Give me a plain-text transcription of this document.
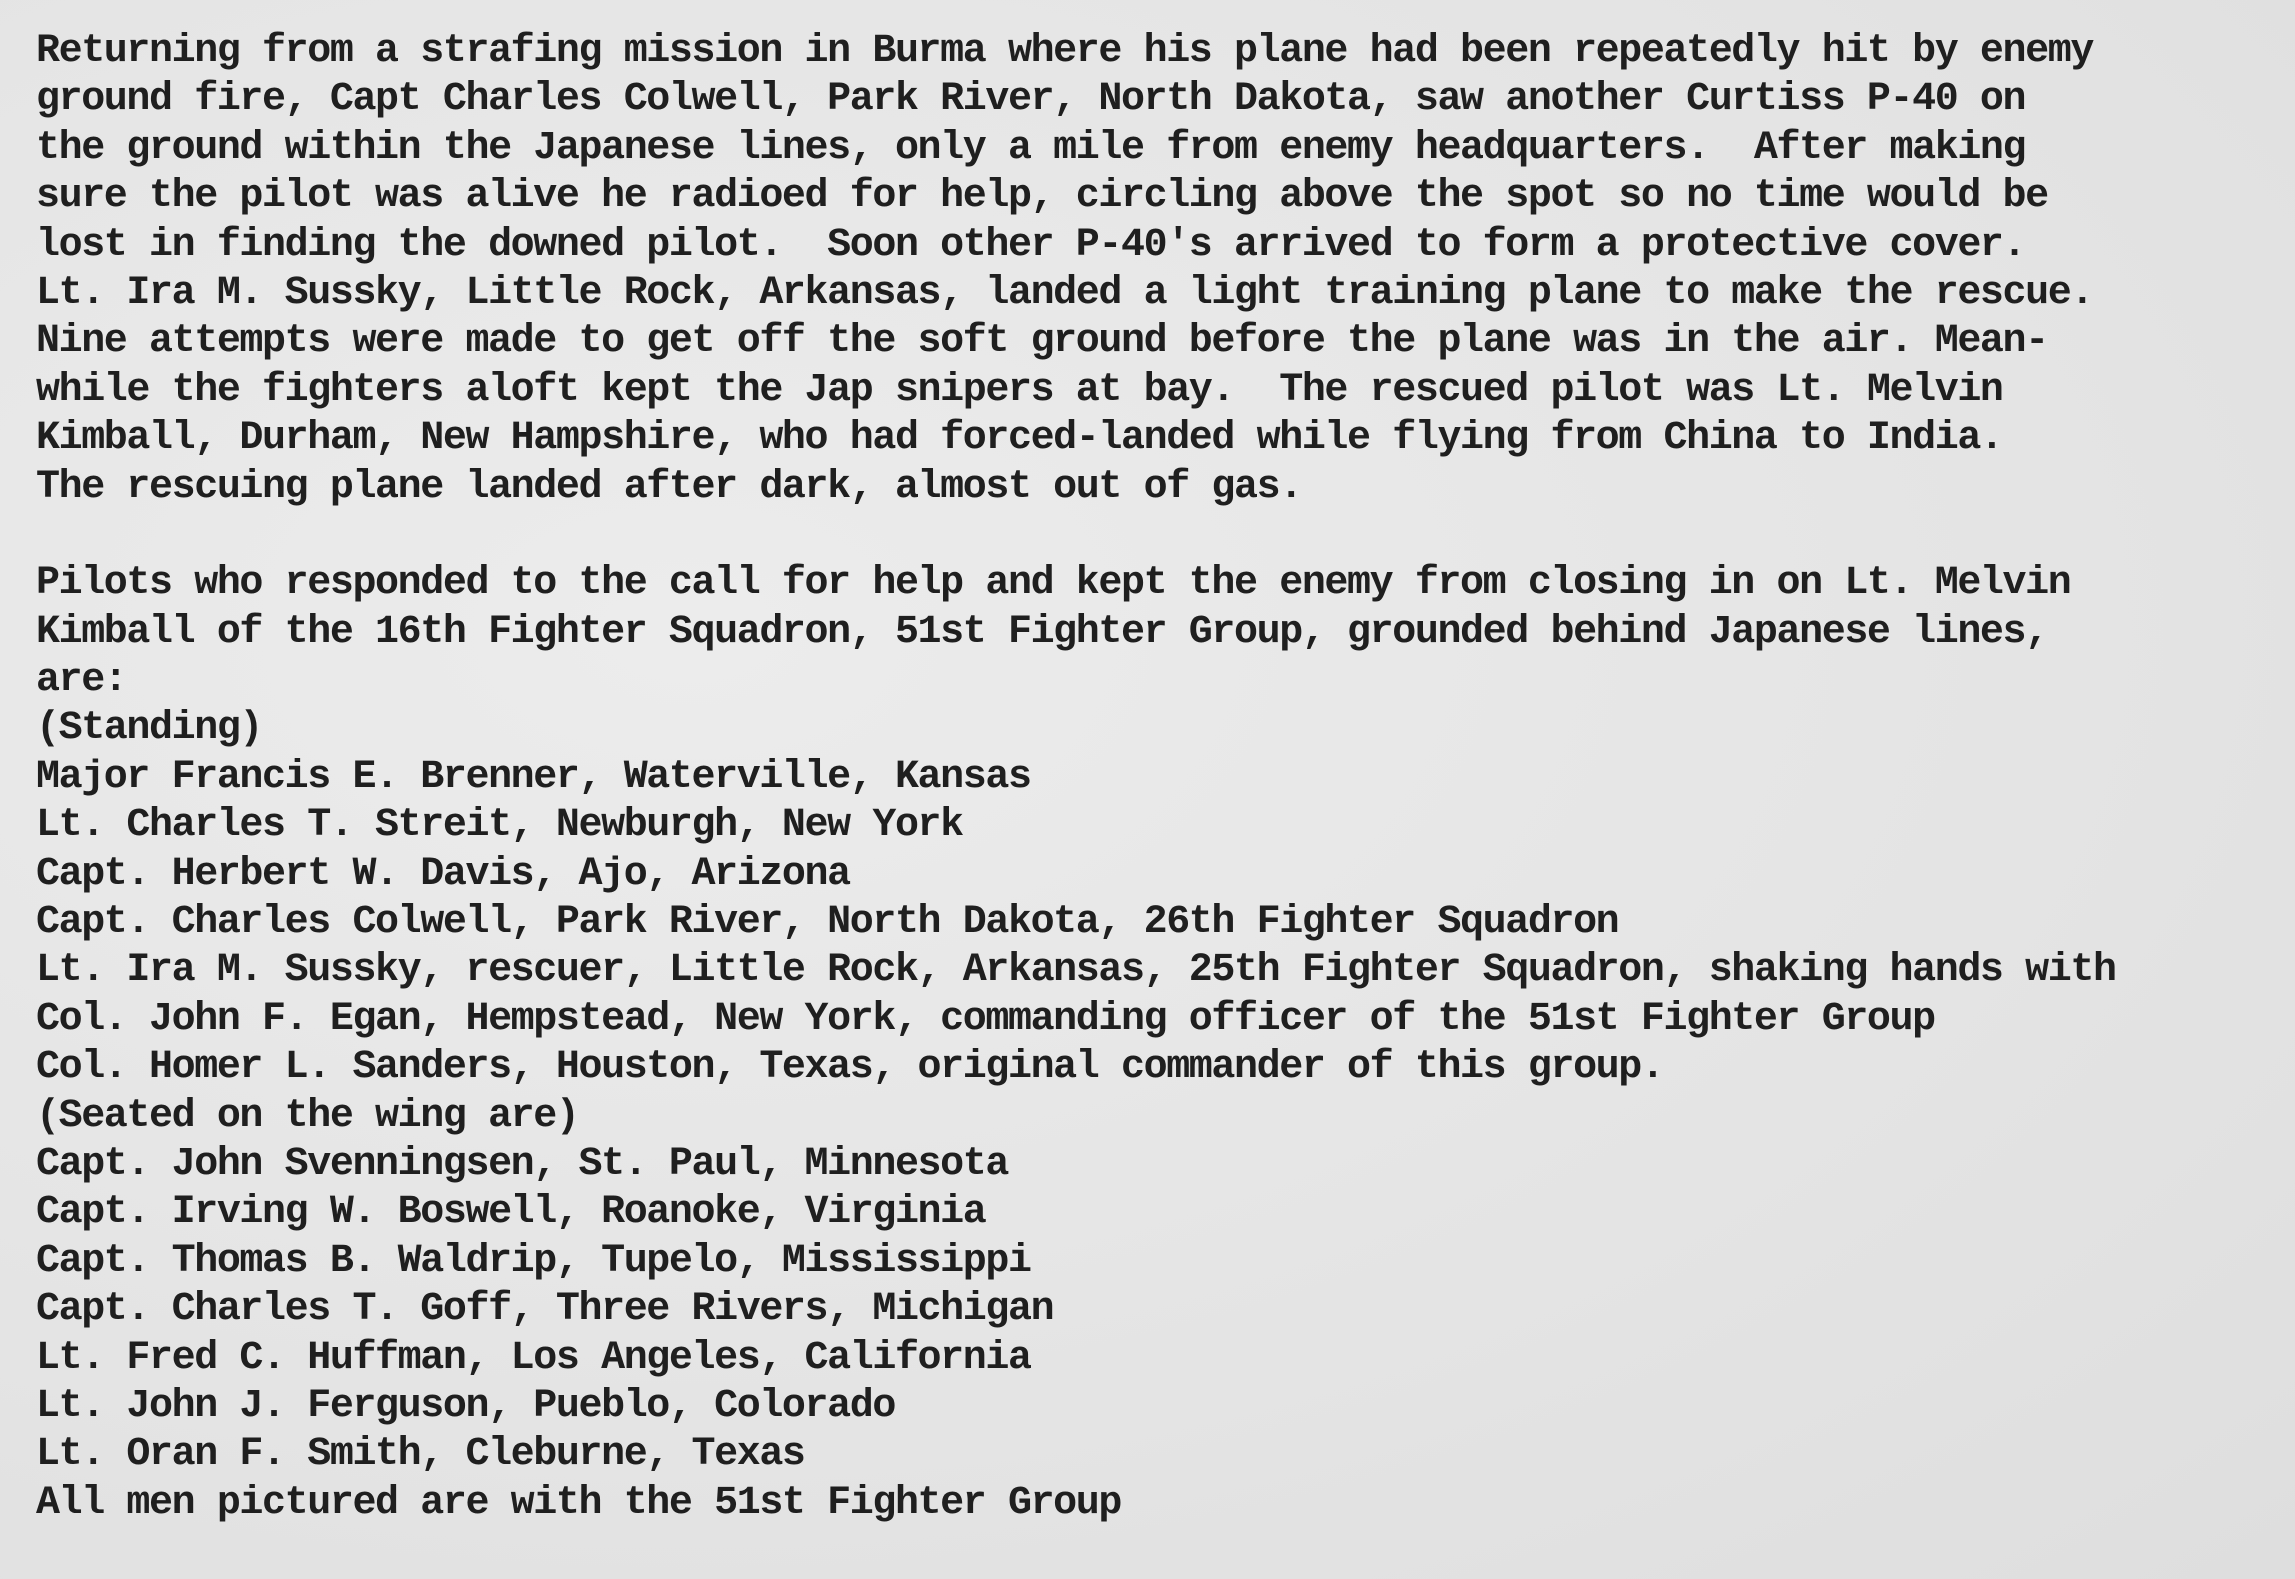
Returning from a strafing mission in Burma where his plane had been repeatedly hit by enemy
ground fire, Capt Charles Colwell, Park River, North Dakota, saw another Curtiss P-40 on
the ground within the Japanese lines, only a mile from enemy headquarters.  After making
sure the pilot was alive he radioed for help, circling above the spot so no time would be
lost in finding the downed pilot.  Soon other P-40's arrived to form a protective cover.
Lt. Ira M. Sussky, Little Rock, Arkansas, landed a light training plane to make the rescue.
Nine attempts were made to get off the soft ground before the plane was in the air. Mean-
while the fighters aloft kept the Jap snipers at bay.  The rescued pilot was Lt. Melvin
Kimball, Durham, New Hampshire, who had forced-landed while flying from China to India.
The rescuing plane landed after dark, almost out of gas.
Pilots who responded to the call for help and kept the enemy from closing in on Lt. Melvin
Kimball of the 16th Fighter Squadron, 51st Fighter Group, grounded behind Japanese lines,
are:
(Standing)
Major Francis E. Brenner, Waterville, Kansas
Lt. Charles T. Streit, Newburgh, New York
Capt. Herbert W. Davis, Ajo, Arizona
Capt. Charles Colwell, Park River, North Dakota, 26th Fighter Squadron
Lt. Ira M. Sussky, rescuer, Little Rock, Arkansas, 25th Fighter Squadron, shaking hands with
Col. John F. Egan, Hempstead, New York, commanding officer of the 51st Fighter Group
Col. Homer L. Sanders, Houston, Texas, original commander of this group.
(Seated on the wing are)
Capt. John Svenningsen, St. Paul, Minnesota
Capt. Irving W. Boswell, Roanoke, Virginia
Capt. Thomas B. Waldrip, Tupelo, Mississippi
Capt. Charles T. Goff, Three Rivers, Michigan
Lt. Fred C. Huffman, Los Angeles, California
Lt. John J. Ferguson, Pueblo, Colorado
Lt. Oran F. Smith, Cleburne, Texas
All men pictured are with the 51st Fighter Group
